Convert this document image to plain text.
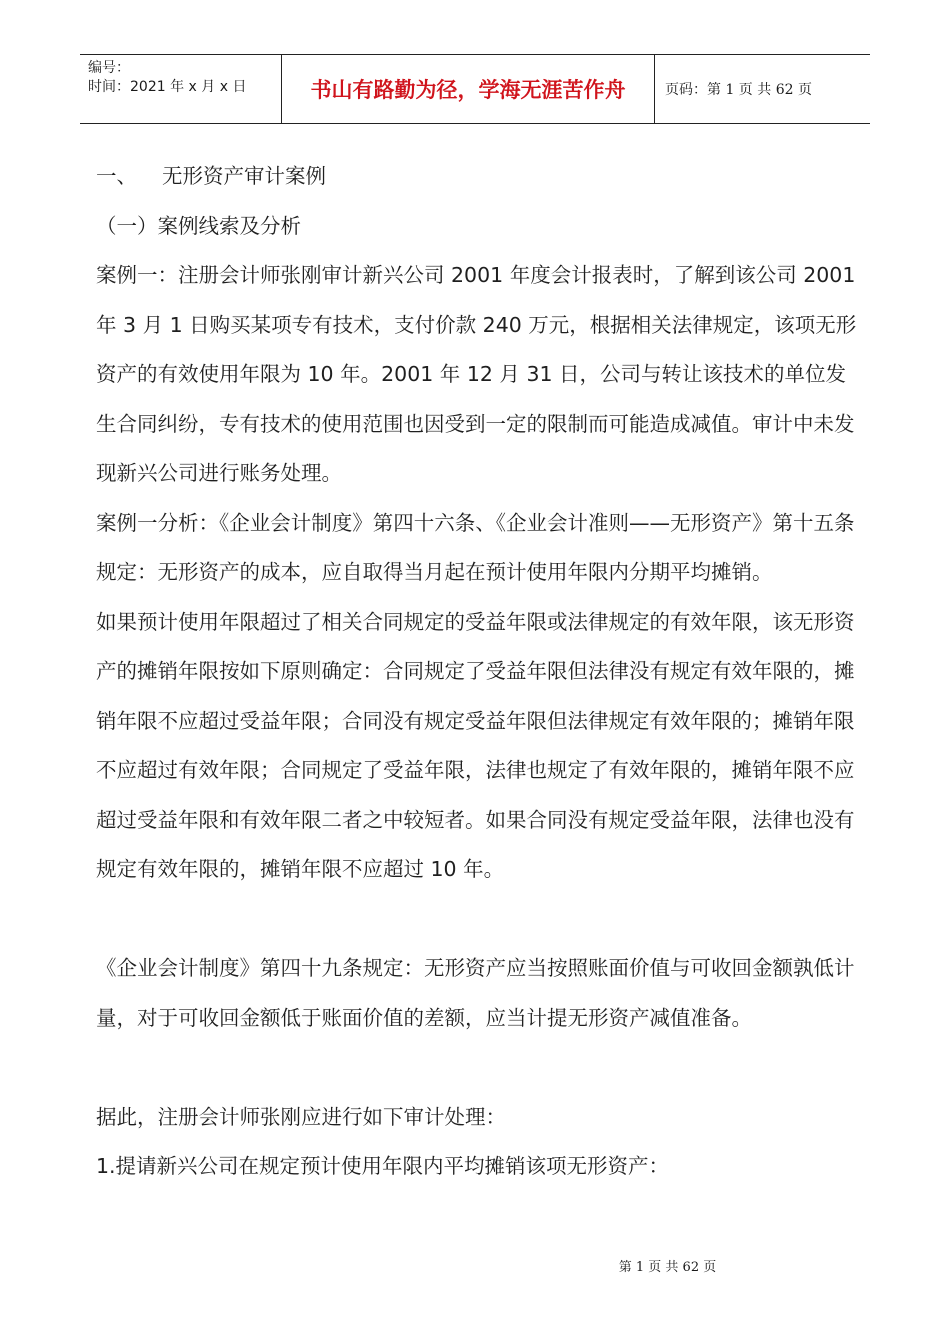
编号：
时间：2021 年 x 月 x 日	书山有路勤为径，学海无涯苦作舟	页码：第 1 页 共 62 页

一、 无形资产审计案例

（一）案例线索及分析

案例一：注册会计师张刚审计新兴公司 2001 年度会计报表时，了解到该公司 2001 年 3 月 1 日购买某项专有技术，支付价款 240 万元，根据相关法律规定，该项无形资产的有效使用年限为 10 年。2001 年 12 月 31 日，公司与转让该技术的单位发生合同纠纷，专有技术的使用范围也因受到一定的限制而可能造成减值。审计中未发现新兴公司进行账务处理。

案例一分析：《企业会计制度》第四十六条、《企业会计准则——无形资产》第十五条规定：无形资产的成本，应自取得当月起在预计使用年限内分期平均摊销。

如果预计使用年限超过了相关合同规定的受益年限或法律规定的有效年限，该无形资产的摊销年限按如下原则确定：合同规定了受益年限但法律没有规定有效年限的，摊销年限不应超过受益年限；合同没有规定受益年限但法律规定有效年限的；摊销年限不应超过有效年限；合同规定了受益年限，法律也规定了有效年限的，摊销年限不应超过受益年限和有效年限二者之中较短者。如果合同没有规定受益年限，法律也没有规定有效年限的，摊销年限不应超过 10 年。

《企业会计制度》第四十九条规定：无形资产应当按照账面价值与可收回金额孰低计量，对于可收回金额低于账面价值的差额，应当计提无形资产减值准备。

据此，注册会计师张刚应进行如下审计处理：

1.提请新兴公司在规定预计使用年限内平均摊销该项无形资产：

第 1 页 共 62 页
